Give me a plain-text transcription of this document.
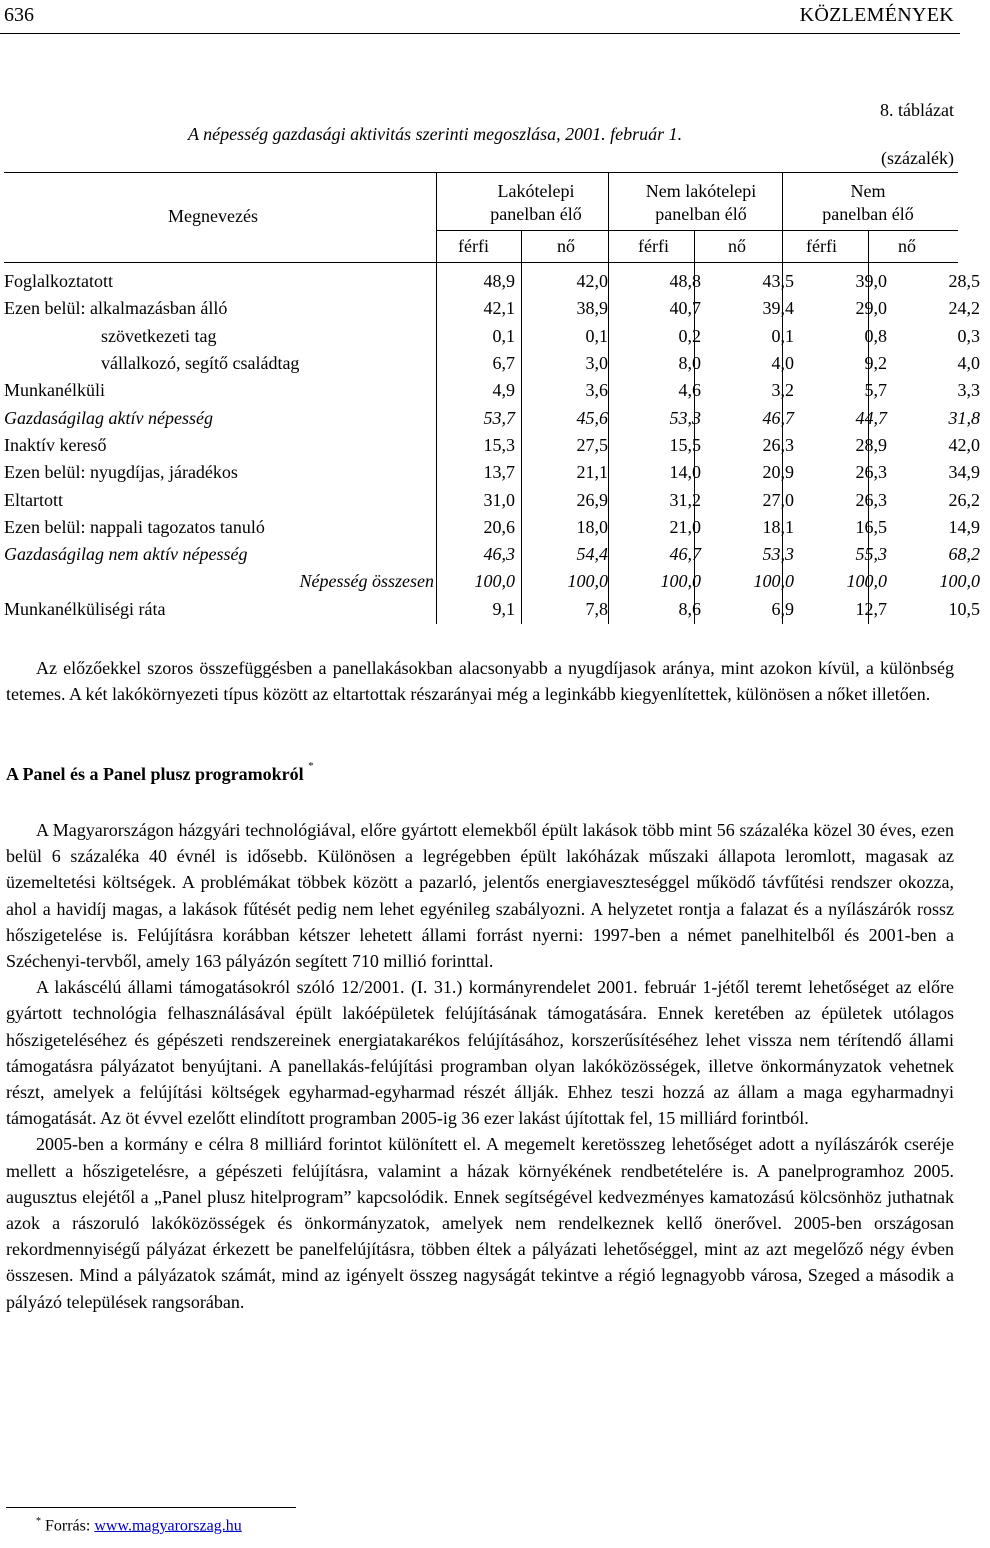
636	KÖZLEMÉNYEK
8. táblázat
A népesség gazdasági aktivitás szerinti megoszlása, 2001. február 1.
(százalék)
Megnevezés
Lakótelepi
panelban élő
Nem lakótelepi
panelban élő
Nem
panelban élő
férfi	nő	férfi	nő	férfi	nő
Foglalkoztatott	48,9	42,0	48,8	43,5	39,0	28,5
Ezen belül: alkalmazásban álló	42,1	38,9	40,7	39,4	29,0	24,2
szövetkezeti tag	0,1	0,1	0,2	0,1	0,8	0,3
vállalkozó, segítő családtag	6,7	3,0	8,0	4,0	9,2	4,0
Munkanélküli	4,9	3,6	4,6	3,2	5,7	3,3
Gazdaságilag aktív népesség	53,7	45,6	53,3	46,7	44,7	31,8
Inaktív kereső	15,3	27,5	15,5	26,3	28,9	42,0
Ezen belül: nyugdíjas, járadékos	13,7	21,1	14,0	20,9	26,3	34,9
Eltartott	31,0	26,9	31,2	27,0	26,3	26,2
Ezen belül: nappali tagozatos tanuló	20,6	18,0	21,0	18,1	16,5	14,9
Gazdaságilag nem aktív népesség	46,3	54,4	46,7	53,3	55,3	68,2
Népesség összesen	100,0	100,0	100,0	100,0	100,0	100,0
Munkanélküliségi ráta	9,1	7,8	8,6	6,9	12,7	10,5

Az előzőekkel szoros összefüggésben a panellakásokban alacsonyabb a nyugdíjasok aránya, mint azokon kívül, a különbség tetemes. A két lakókörnyezeti típus között az eltartottak részarányai még a leginkább kiegyenlítettek, különösen a nőket illetően.

A Panel és a Panel plusz programokról *

A Magyarországon házgyári technológiával, előre gyártott elemekből épült lakások több mint 56 százaléka közel 30 éves, ezen belül 6 százaléka 40 évnél is idősebb. Különösen a legrégebben épült lakóházak műszaki állapota leromlott, magasak az üzemeltetési költségek. A problémákat többek között a pazarló, jelentős energiaveszteséggel működő távfűtési rendszer okozza, ahol a havidíj magas, a lakások fűtését pedig nem lehet egyénileg szabályozni. A helyzetet rontja a falazat és a nyílászárók rossz hőszigetelése is. Felújításra korábban kétszer lehetett állami forrást nyerni: 1997-ben a német panelhitelből és 2001-ben a Széchenyi-tervből, amely 163 pályázón segített 710 millió forinttal.

A lakáscélú állami támogatásokról szóló 12/2001. (I. 31.) kormányrendelet 2001. február 1-jétől teremt lehetőséget az előre gyártott technológia felhasználásával épült lakóépületek felújításának támogatására. Ennek keretében az épületek utólagos hőszigeteléséhez és gépészeti rendszereinek energiatakarékos felújításához, korszerűsítéséhez lehet vissza nem térítendő állami támogatásra pályázatot benyújtani. A panellakás-felújítási programban olyan lakóközösségek, illetve önkormányzatok vehetnek részt, amelyek a felújítási költségek egyharmad-egyharmad részét állják. Ehhez teszi hozzá az állam a maga egyharmadnyi támogatását. Az öt évvel ezelőtt elindított programban 2005-ig 36 ezer lakást újítottak fel, 15 milliárd forintból.

2005-ben a kormány e célra 8 milliárd forintot különített el. A megemelt keretösszeg lehetőséget adott a nyílászárók cseréje mellett a hőszigetelésre, a gépészeti felújításra, valamint a házak környékének rendbetételére is. A panelprogramhoz 2005. augusztus elejétől a „Panel plusz hitelprogram” kapcsolódik. Ennek segítségével kedvezményes kamatozású kölcsönhöz juthatnak azok a rászoruló lakóközösségek és önkormányzatok, amelyek nem rendelkeznek kellő önerővel. 2005-ben országosan rekordmennyiségű pályázat érkezett be panelfelújításra, többen éltek a pályázati lehetőséggel, mint az azt megelőző négy évben összesen. Mind a pályázatok számát, mind az igényelt összeg nagyságát tekintve a régió legnagyobb városa, Szeged a második a pályázó települések rangsorában.

* Forrás: www.magyarorszag.hu
